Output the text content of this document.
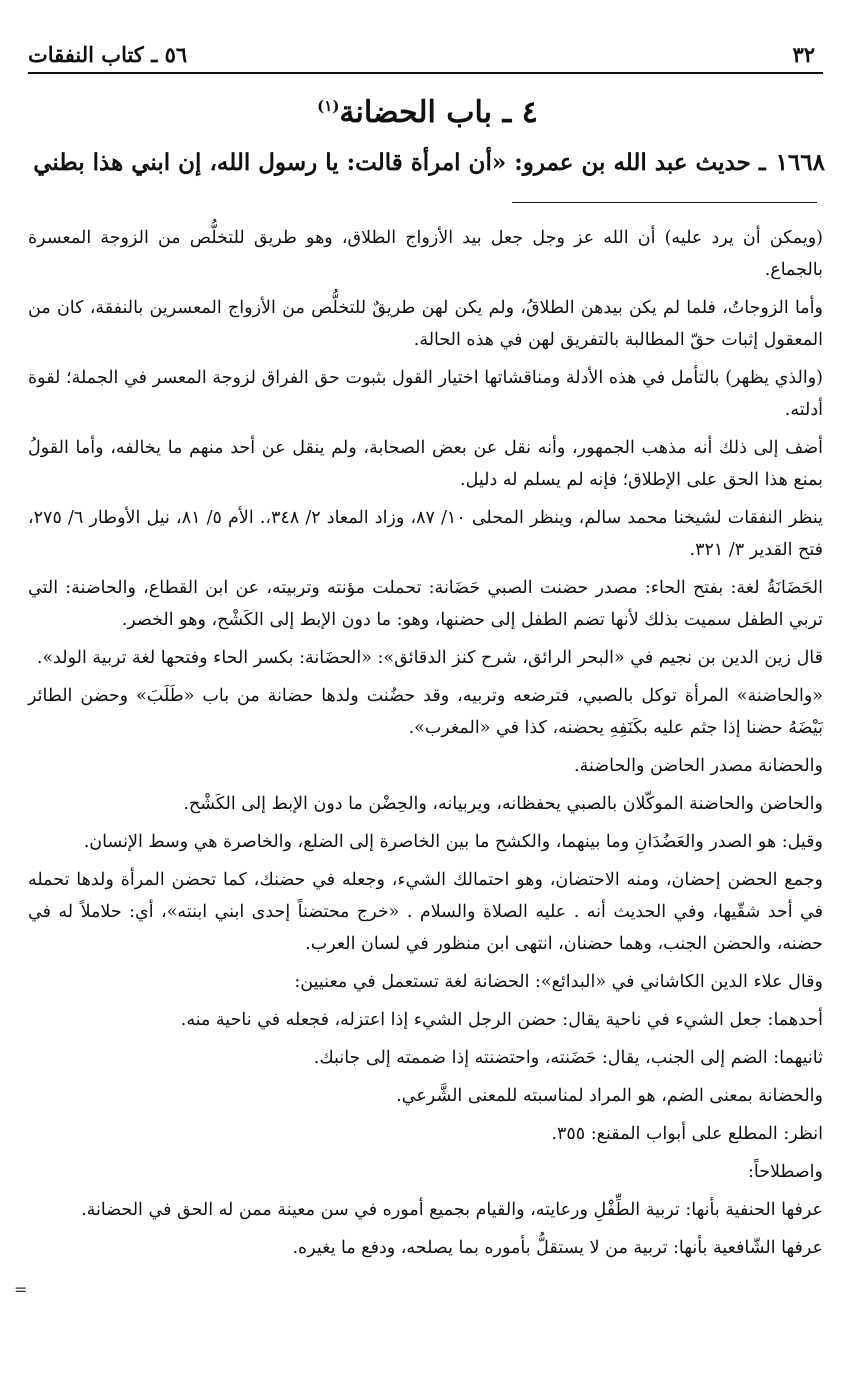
٣٢
٥٦ ـ كتاب النفقات
٤ ـ باب الحضانة$^{(١)}$
١٦٦٨ـ حديث عبد الله بن عمرو: «أن امرأة قالت: يا رسول الله، إن ابني هذا بطني

(ويمكن أن يرد عليه) أن الله عز وجل جعل بيد الأزواج الطلاق، وهو طريق للتخلُّص من الزوجة المعسرة بالجماع.

وأما الزوجاتُ، فلما لم يكن بيدهن الطلاقُ، ولم يكن لهن طريقٌ للتخلُّص من الأزواج المعسرين بالنفقة، كان من المعقول إثبات حقّ المطالبة بالتفريق لهن في هذه الحالة.

(والذي يظهر) بالتأمل في هذه الأدلة ومناقشاتها اختيار القول بثبوت حق الفراق لزوجة المعسر في الجملة؛ لقوة أدلته.

أضف إلى ذلك أنه مذهب الجمهور، وأنه نقل عن بعض الصحابة، ولم ينقل عن أحد منهم ما يخالفه، وأما القولُ بمنع هذا الحق على الإطلاق؛ فإنه لم يسلم له دليل.

ينظر النفقات لشيخنا محمد سالم، وينظر المحلى ١٠/ ٨٧، وزاد المعاد ٢/ ٣٤٨،. الأم ٥/ ٨١، نيل الأوطار ٦/ ٢٧٥، فتح القدير ٣/ ٣٢١.

الحَضَانَةُ لغة: بفتح الحاء: مصدر حضنت الصبي حَضَانة: تحملت مؤنته وتربيته، عن ابن القطاع، والحاضنة: التي تربي الطفل سميت بذلك لأنها تضم الطفل إلى حضنها، وهو: ما دون الإبط إلى الكَشْح، وهو الخصر.

قال زين الدين بن نجيم في «البحر الرائق، شرح كنز الدقائق»: «الحضَانة: بكسر الحاء وفتحها لغة تربية الولد».

«والحاضنة» المرأة توكل بالصبي، فترضعه وتربيه، وقد حضُنت ولدها حضانة من باب «طَلَبَ» وحضن الطائر بَيْضَهُ حضنا إذا جثم عليه بكَنَفِهِ يحضنه، كذا في «المغرب».

والحضانة مصدر الحاضن والحاضنة.

والحاضن والحاضنة الموكّلان بالصبي يحفظانه، ويربيانه، والحِضْن ما دون الإبط إلى الكَشْح.

وقيل: هو الصدر والعَضُدَانِ وما بينهما، والكشح ما بين الخاصرة إلى الضلع، والخاصرة هي وسط الإنسان.

وجمع الحضن إحضان، ومنه الاحتضان، وهو احتمالك الشيء، وجعله في حضنك، كما تحضن المرأة ولدها تحمله في أحد شقّيها، وفي الحديث أنه . عليه الصلاة والسلام . «خرج محتضناً إحدى ابني ابنته»، أي: حلاملاً له في حضنه، والحضن الجنب، وهما حضنان، انتهى ابن منظور في لسان العرب.

وقال علاء الدين الكاشاني في «البدائع»: الحضانة لغة تستعمل في معنيين:

أحدهما: جعل الشيء في ناحية يقال: حضن الرجل الشيء إذا اعتزله، فجعله في ناحية منه.

ثانيهما: الضم إلى الجنب، يقال: حَضَنته، واحتضنته إذا ضممته إلى جانبك.

والحضانة بمعنى الضم، هو المراد لمناسبته للمعنى الشَّرعي.

انظر: المطلع على أبواب المقنع: ٣٥٥.

واصطلاحاً:

عرفها الحنفية بأنها: تربية الطِّفْلِ ورعايته، والقيام بجميع أموره في سن معينة ممن له الحق في الحضانة.

عرفها الشّافعية بأنها: تربية من لا يستقلُّ بأموره بما يصلحه، ودفع ما يغيره.

=
